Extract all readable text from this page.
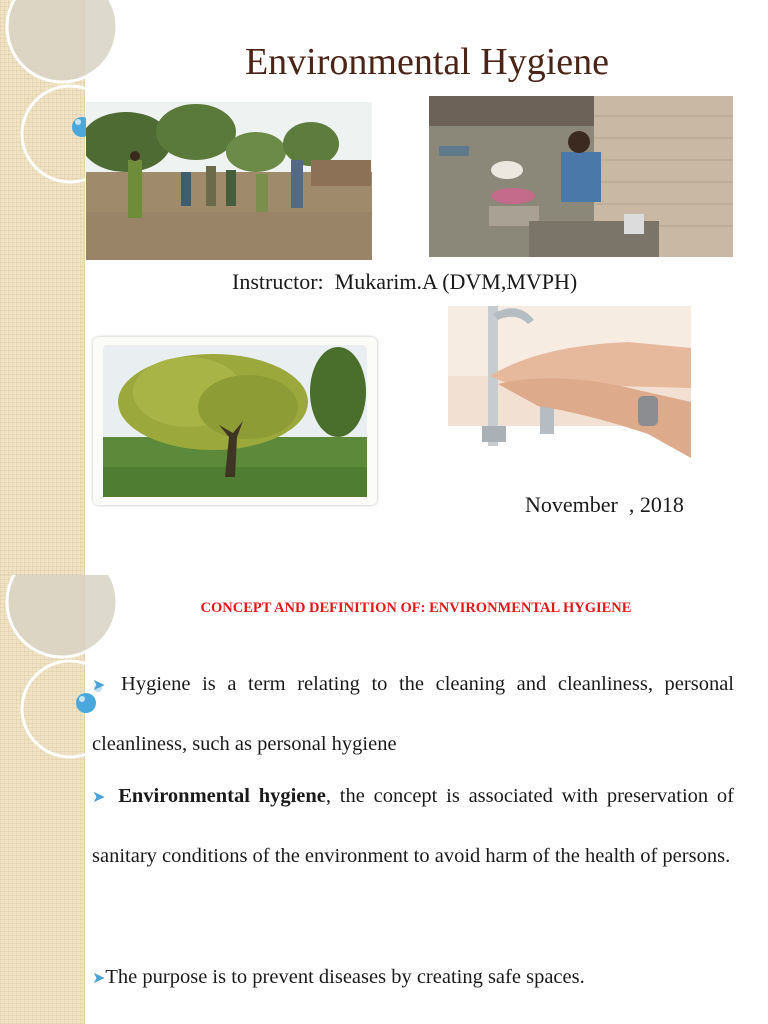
Environmental Hygiene
Instructor:  Mukarim.A (DVM,MVPH)
November  , 2018
CONCEPT AND DEFINITION OF: ENVIRONMENTAL HYGIENE
➤ Hygiene is a term relating to the cleaning and cleanliness, personal cleanliness, such as personal hygiene
➤ Environmental hygiene, the concept is associated with preservation of sanitary conditions of the environment to avoid harm of the health of persons.
➤The purpose is to prevent diseases by creating safe spaces.
